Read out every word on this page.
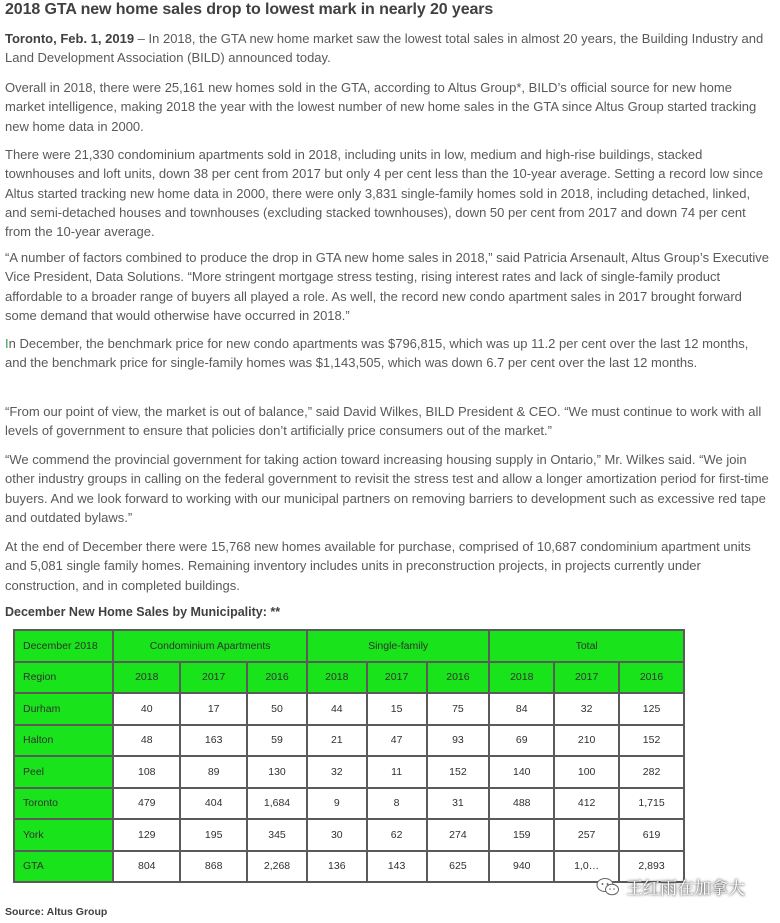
2018 GTA new home sales drop to lowest mark in nearly 20 years

Toronto, Feb. 1, 2019 – In 2018, the GTA new home market saw the lowest total sales in almost 20 years, the Building Industry and Land Development Association (BILD) announced today.

Overall in 2018, there were 25,161 new homes sold in the GTA, according to Altus Group*, BILD’s official source for new home market intelligence, making 2018 the year with the lowest number of new home sales in the GTA since Altus Group started tracking new home data in 2000.

There were 21,330 condominium apartments sold in 2018, including units in low, medium and high-rise buildings, stacked townhouses and loft units, down 38 per cent from 2017 but only 4 per cent less than the 10-year average. Setting a record low since Altus started tracking new home data in 2000, there were only 3,831 single-family homes sold in 2018, including detached, linked, and semi-detached houses and townhouses (excluding stacked townhouses), down 50 per cent from 2017 and down 74 per cent from the 10-year average.

“A number of factors combined to produce the drop in GTA new home sales in 2018,” said Patricia Arsenault, Altus Group’s Executive Vice President, Data Solutions. “More stringent mortgage stress testing, rising interest rates and lack of single-family product affordable to a broader range of buyers all played a role. As well, the record new condo apartment sales in 2017 brought forward some demand that would otherwise have occurred in 2018.”

In December, the benchmark price for new condo apartments was $796,815, which was up 11.2 per cent over the last 12 months, and the benchmark price for single-family homes was $1,143,505, which was down 6.7 per cent over the last 12 months.

“From our point of view, the market is out of balance,” said David Wilkes, BILD President & CEO. “We must continue to work with all levels of government to ensure that policies don’t artificially price consumers out of the market.”

“We commend the provincial government for taking action toward increasing housing supply in Ontario,” Mr. Wilkes said. “We join other industry groups in calling on the federal government to revisit the stress test and allow a longer amortization period for first-time buyers. And we look forward to working with our municipal partners on removing barriers to development such as excessive red tape and outdated bylaws.”

At the end of December there were 15,768 new homes available for purchase, comprised of 10,687 condominium apartment units and 5,081 single family homes. Remaining inventory includes units in preconstruction projects, in projects currently under construction, and in completed buildings.

December New Home Sales by Municipality: **
December 2018	Condominium Apartments			Single-family			Total		
Region	2018	2017	2016	2018	2017	2016	2018	2017	2016
Durham	40	17	50	44	15	75	84	32	125
Halton	48	163	59	21	47	93	69	210	152
Peel	108	89	130	32	11	152	140	100	282
Toronto	479	404	1,684	9	8	31	488	412	1,715
York	129	195	345	30	62	274	159	257	619
GTA	804	868	2,268	136	143	625	940	1,0…	2,893
Source: Altus Group
王红雨在加拿大
